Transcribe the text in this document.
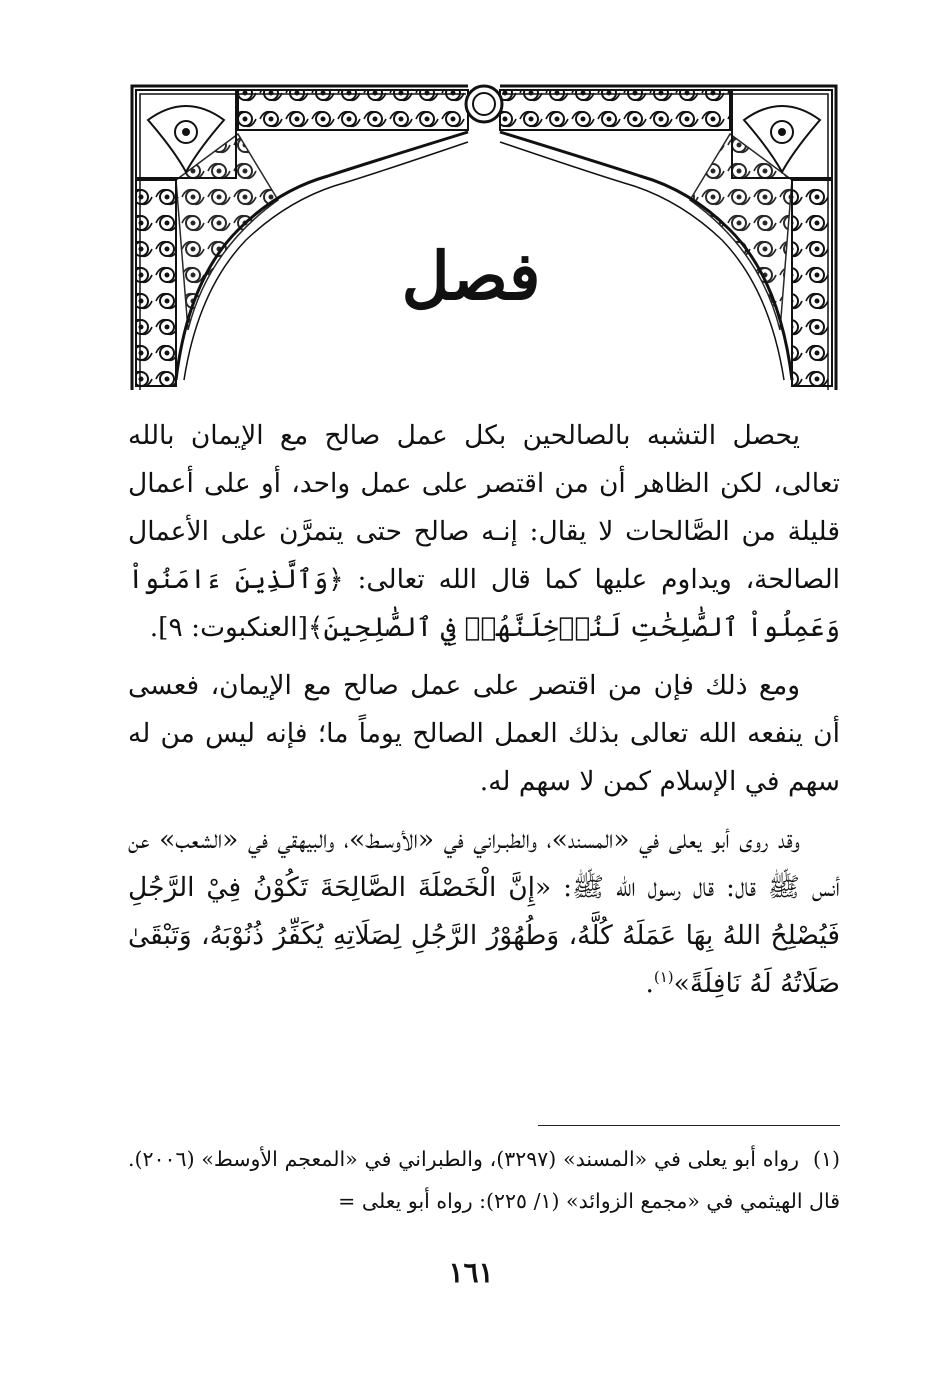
فصل

يحصل التشبه بالصالحين بكل عمل صالح مع الإيمان بالله تعالى، لكن الظاهر أن من اقتصر على عمل واحد، أو على أعمال قليلة من الصَّالحات لا يقال: إنـه صالح حتى يتمرَّن على الأعمال الصالحة، ويداوم عليها كما قال الله تعالى: ﴿وَٱلَّذِينَ ءَامَنُواْ وَعَمِلُواْ ٱلصَّٰلِحَٰتِ لَنُدۡخِلَنَّهُمۡ فِي ٱلصَّٰلِحِينَ﴾[العنكبوت: ٩].

ومع ذلك فإن من اقتصر على عمل صالح مع الإيمان، فعسى أن ينفعه الله تعالى بذلك العمل الصالح يوماً ما؛ فإنه ليس من له سهم في الإسلام كمن لا سهم له.

وقد روى أبو يعلى في «المسند»، والطبـراني في «الأوسـط»، والبيهقي في «الشعب» عن أنس ﷺ قال: قال رسول الله ﷺ: «إِنَّ الْخَصْلَةَ الصَّالِحَةَ تَكُوْنُ فِيْ الرَّجُلِ فَيُصْلِحُ اللهُ بِهَا عَمَلَهُ كُلَّهُ، وَطُهُوْرُ الرَّجُلِ لِصَلَاتِهِ يُكَفِّرُ ذُنُوْبَهُ، وَتَبْقَىٰ صَلَاتُهُ لَهُ نَافِلَةً»$^{(١)}$.

(١)رواه أبو يعلى في «المسند» (٣٢٩٧)، والطبراني في «المعجم الأوسط» (٢٠٠٦). قال الهيثمي في «مجمع الزوائد» (١/ ٢٢٥): رواه أبو يعلى =
١٦١
